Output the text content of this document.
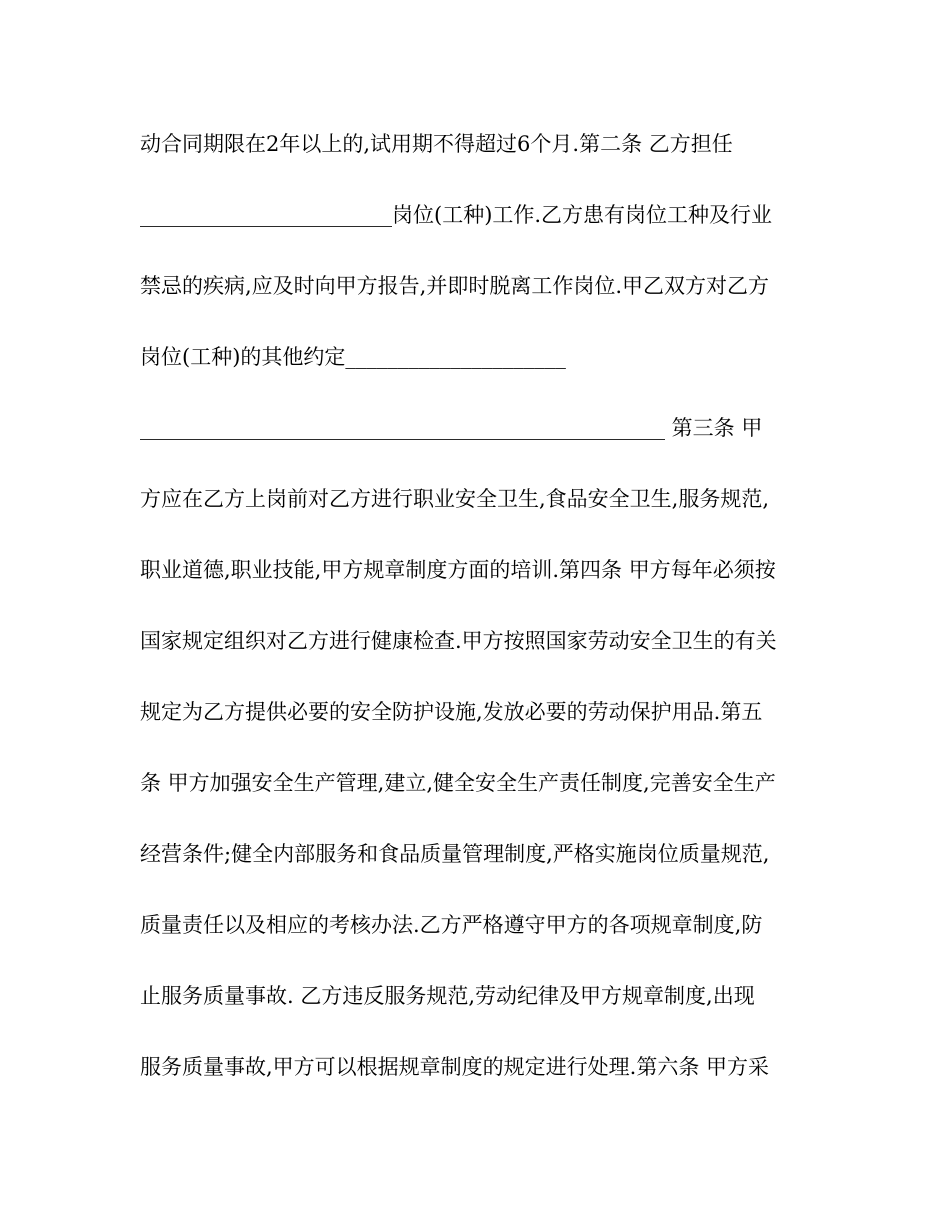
动合同期限在2年以上的,试用期不得超过6个月.第二条 乙方担任
________________________岗位(工种)工作.乙方患有岗位工种及行业
禁忌的疾病,应及时向甲方报告,并即时脱离工作岗位.甲乙双方对乙方
岗位(工种)的其他约定_____________________
__________________________________________________ 第三条 甲
方应在乙方上岗前对乙方进行职业安全卫生,食品安全卫生,服务规范,
职业道德,职业技能,甲方规章制度方面的培训.第四条 甲方每年必须按
国家规定组织对乙方进行健康检查.甲方按照国家劳动安全卫生的有关
规定为乙方提供必要的安全防护设施,发放必要的劳动保护用品.第五
条 甲方加强安全生产管理,建立,健全安全生产责任制度,完善安全生产
经营条件;健全内部服务和食品质量管理制度,严格实施岗位质量规范,
质量责任以及相应的考核办法.乙方严格遵守甲方的各项规章制度,防
止服务质量事故. 乙方违反服务规范,劳动纪律及甲方规章制度,出现
服务质量事故,甲方可以根据规章制度的规定进行处理.第六条 甲方采
